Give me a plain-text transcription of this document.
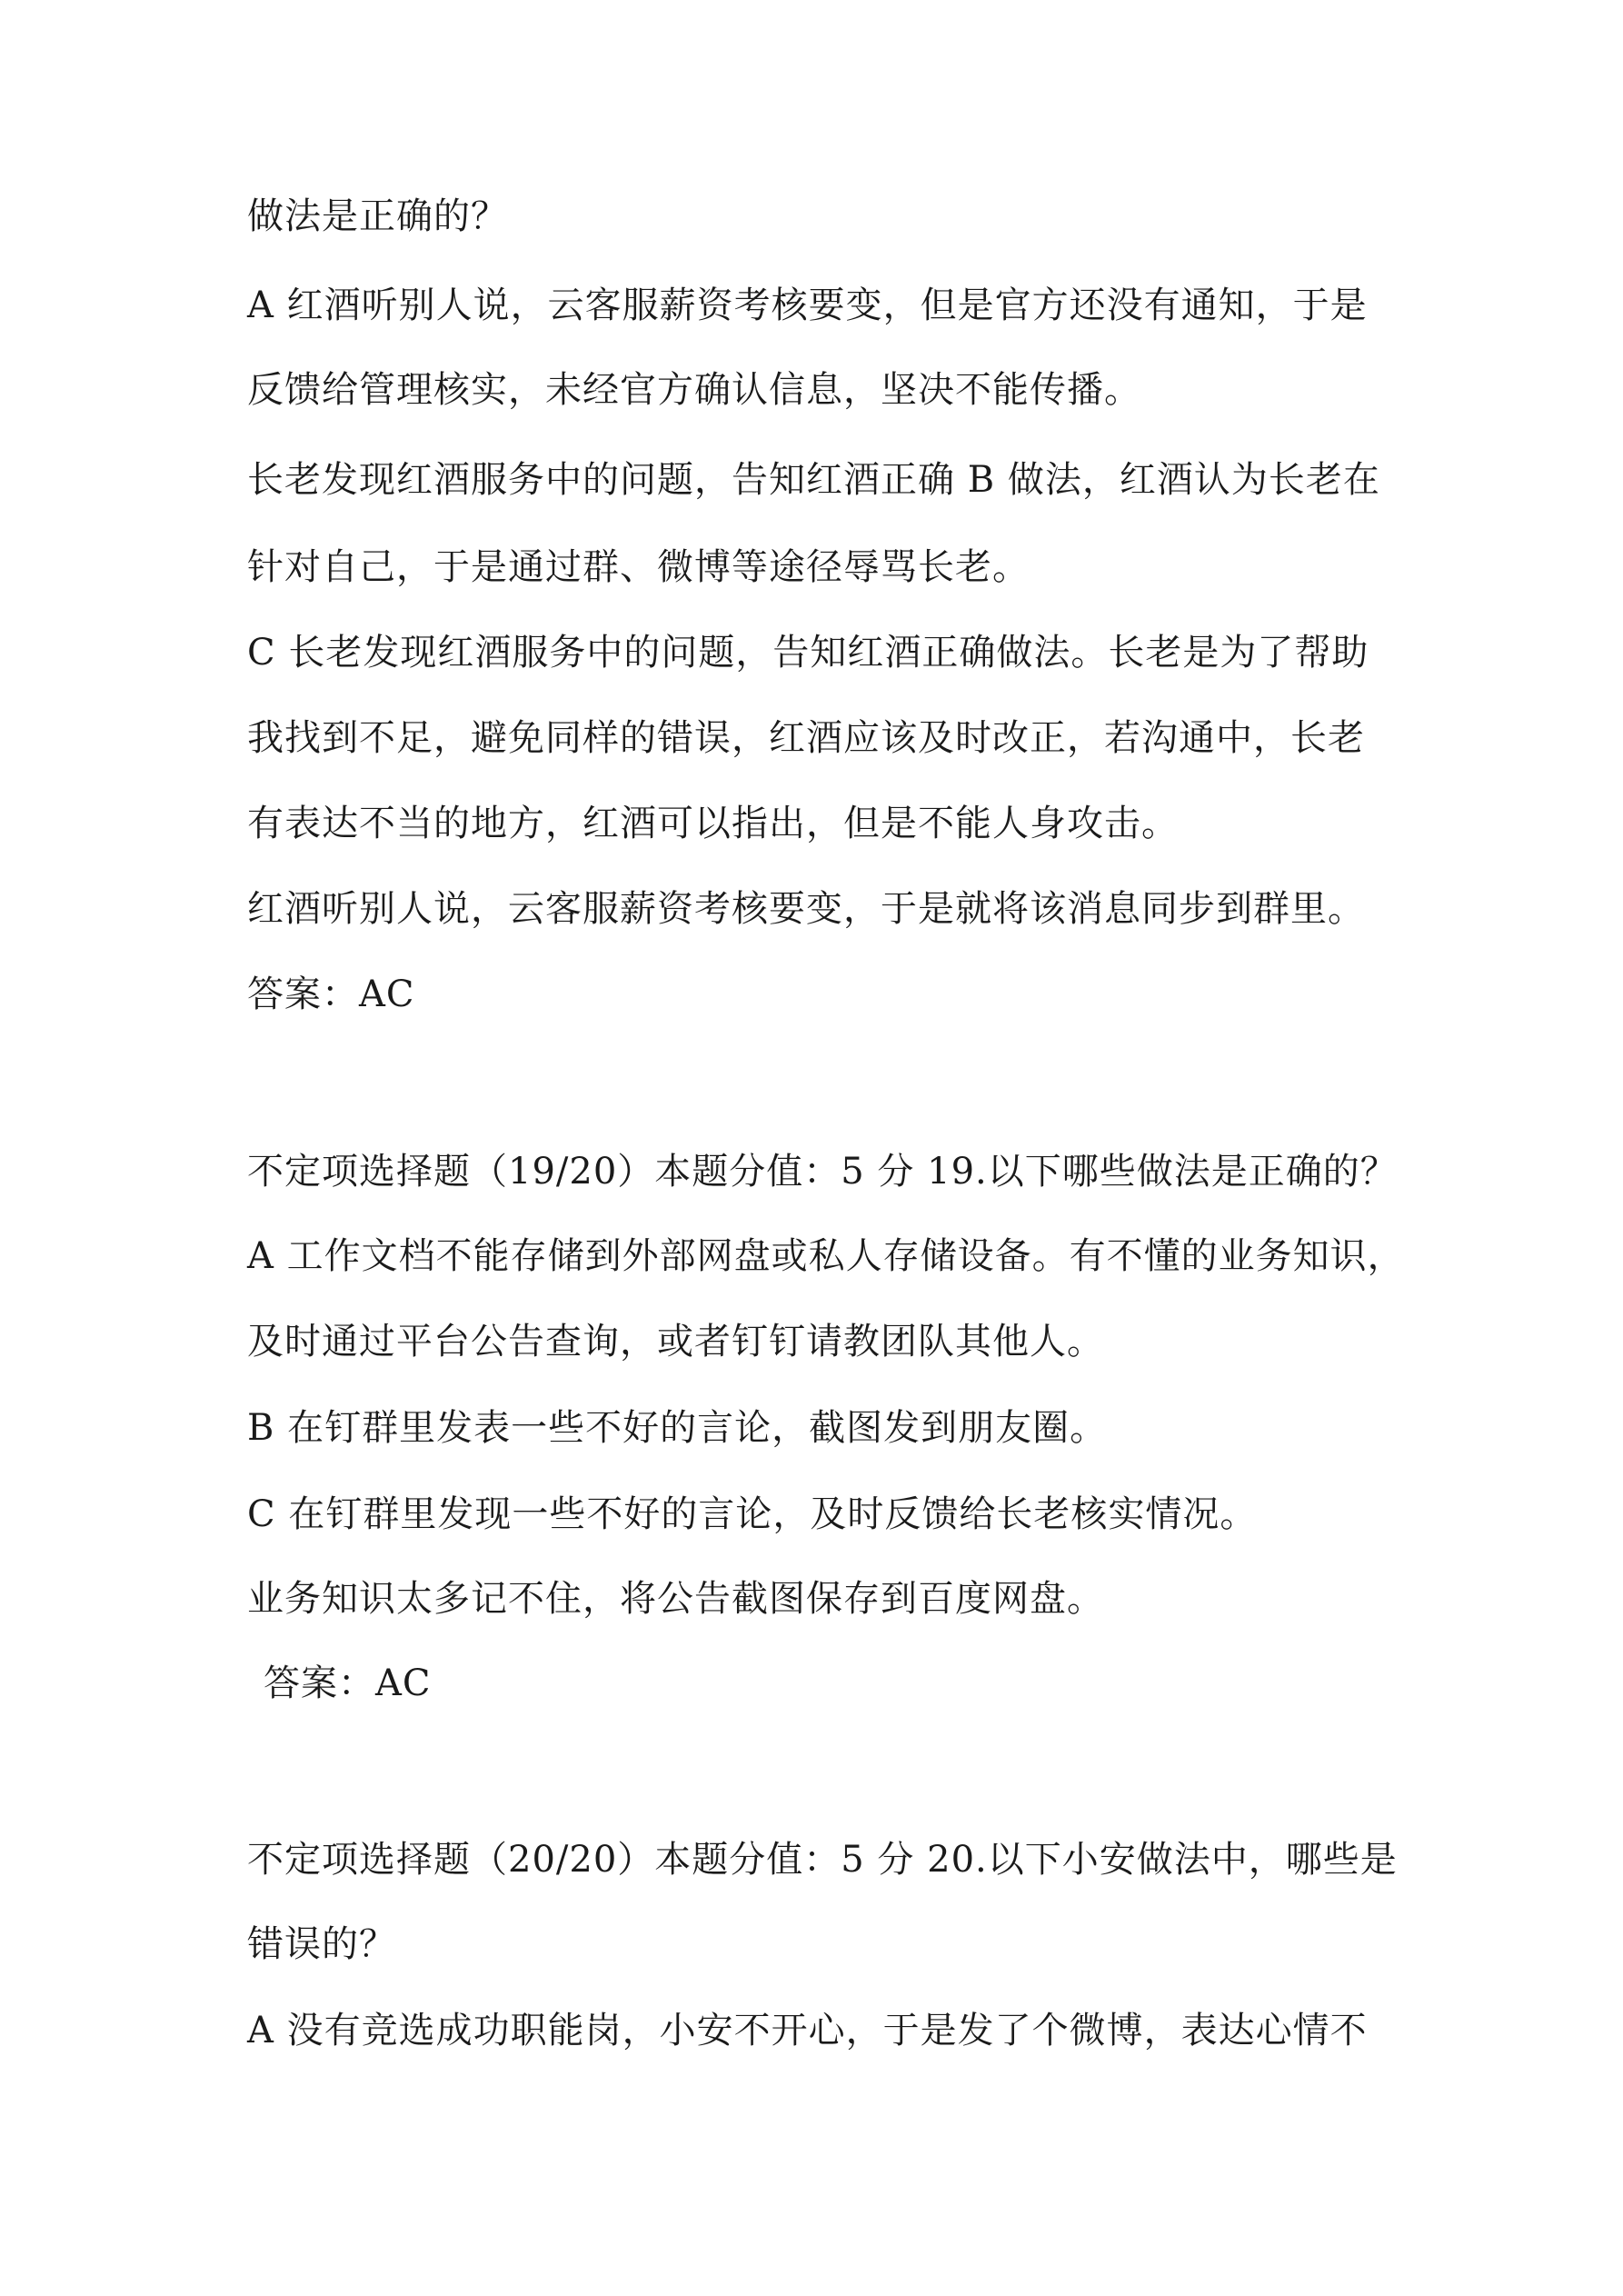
做法是正确的？
A 红酒听别人说，云客服薪资考核要变，但是官方还没有通知，于是
反馈给管理核实，未经官方确认信息，坚决不能传播。
长老发现红酒服务中的问题，告知红酒正确 B 做法，红酒认为长老在
针对自己，于是通过群、微博等途径辱骂长老。
C 长老发现红酒服务中的问题，告知红酒正确做法。长老是为了帮助
我找到不足，避免同样的错误，红酒应该及时改正，若沟通中，长老
有表达不当的地方，红酒可以指出，但是不能人身攻击。
红酒听别人说，云客服薪资考核要变，于是就将该消息同步到群里。
答案：AC
不定项选择题（19/20）本题分值：5 分 19.以下哪些做法是正确的？
A 工作文档不能存储到外部网盘或私人存储设备。有不懂的业务知识，
及时通过平台公告查询，或者钉钉请教团队其他人。
B 在钉群里发表一些不好的言论，截图发到朋友圈。
C 在钉群里发现一些不好的言论，及时反馈给长老核实情况。
业务知识太多记不住，将公告截图保存到百度网盘。
答案：AC
不定项选择题（20/20）本题分值：5 分 20.以下小安做法中，哪些是
错误的？
A 没有竞选成功职能岗，小安不开心，于是发了个微博，表达心情不
